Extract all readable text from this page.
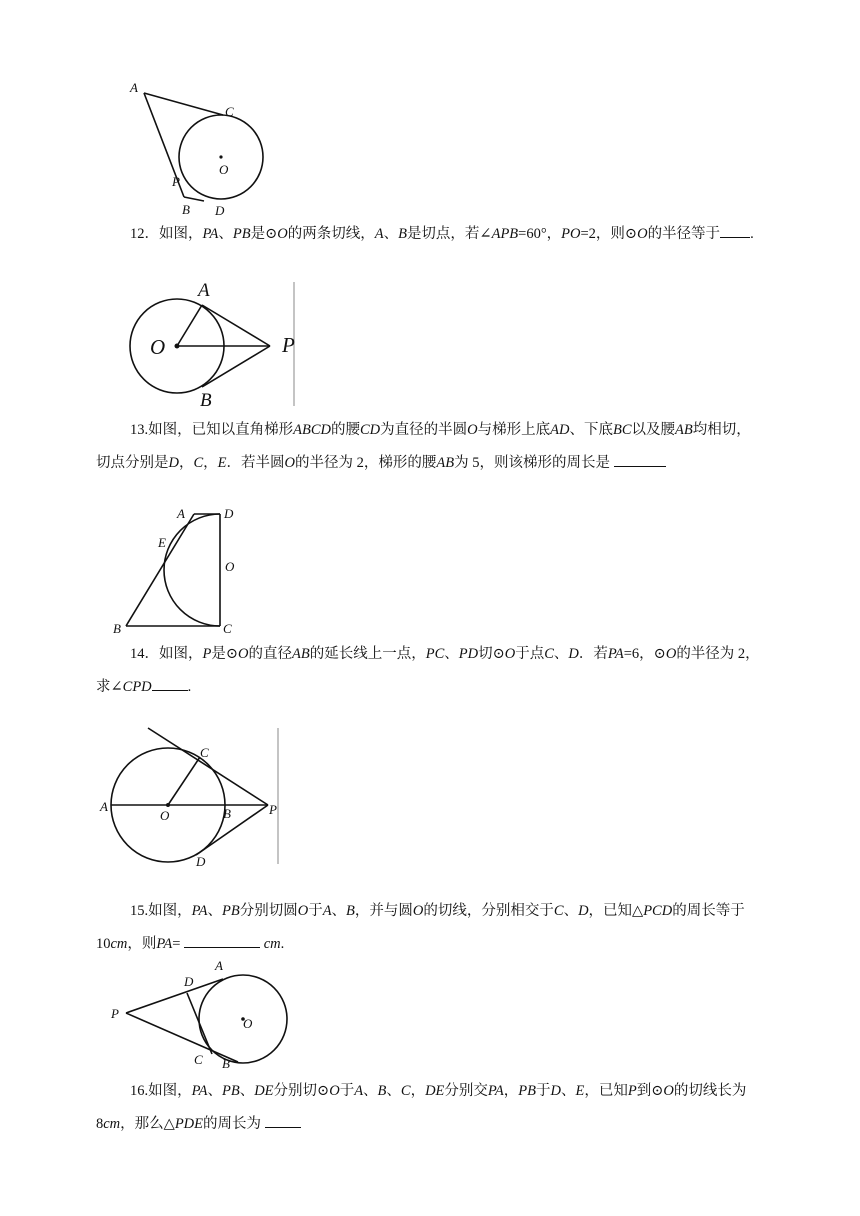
A
C
O
P
B D

12．如图，PA、PB是⊙O的两条切线，A、B是切点，若∠APB=60°，PO=2，则⊙O的半径等于 .

A
O	P
B

13.如图，已知以直角梯形ABCD的腰CD为直径的半圆O与梯形上底AD、下底BC以及腰AB均相切，切点分别是D，C，E．若半圆O的半径为 2，梯形的腰AB为 5，则该梯形的周长是

A	D
E
O
B	C

14．如图，P是⊙O的直径AB的延长线上一点，PC、PD切⊙O于点C、D．若PA=6，⊙O的半径为 2，求∠CPD .

C
A
O	B	P
D

15.如图，PA、PB分别切圆O于A、B，并与圆O的切线，分别相交于C、D，已知△PCD的周长等于 10cm，则PA=	cm.

D
A
P
O
C B

16.如图，PA、PB、DE分别切⊙O于A、B、C，DE分别交PA，PB于D、E，已知P到⊙O的切线长为 8cm，那么△PDE的周长为
